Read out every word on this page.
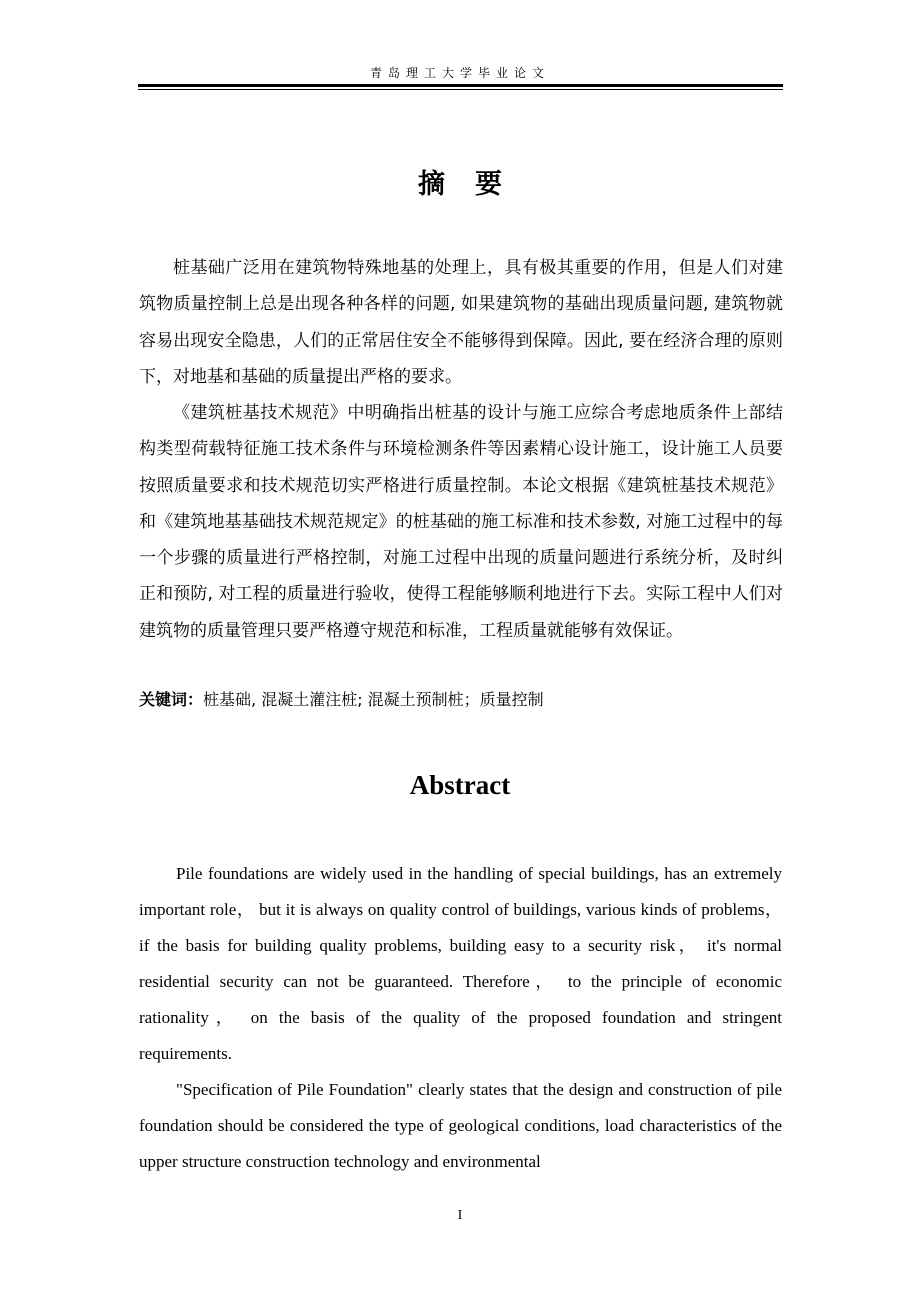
青岛理工大学毕业论文
摘要

桩基础广泛用在建筑物特殊地基的处理上，具有极其重要的作用，但是人们对建筑物质量控制上总是出现各种各样的问题, 如果建筑物的基础出现质量问题, 建筑物就容易出现安全隐患，人们的正常居住安全不能够得到保障。因此, 要在经济合理的原则下，对地基和基础的质量提出严格的要求。

《建筑桩基技术规范》中明确指出桩基的设计与施工应综合考虑地质条件上部结构类型荷载特征施工技术条件与环境检测条件等因素精心设计施工，设计施工人员要按照质量要求和技术规范切实严格进行质量控制。本论文根据《建筑桩基技术规范》和《建筑地基基础技术规范规定》的桩基础的施工标准和技术参数, 对施工过程中的每一个步骤的质量进行严格控制，对施工过程中出现的质量问题进行系统分析，及时纠正和预防, 对工程的质量进行验收，使得工程能够顺利地进行下去。实际工程中人们对建筑物的质量管理只要严格遵守规范和标准，工程质量就能够有效保证。

关键词：桩基础, 混凝土灌注桩; 混凝土预制桩；质量控制
Abstract

Pile foundations are widely used in the handling of special buildings, has an extremely important role， but it is always on quality control of buildings, various kinds of problems， if the basis for building quality problems, building easy to a security risk， it's normal residential security can not be guaranteed. Therefore， to the principle of economic rationality， on the basis of the quality of the proposed foundation and stringent requirements.

"Specification of Pile Foundation" clearly states that the design and construction of pile foundation should be considered the type of geological conditions, load characteristics of the upper structure construction technology and environmental

I
